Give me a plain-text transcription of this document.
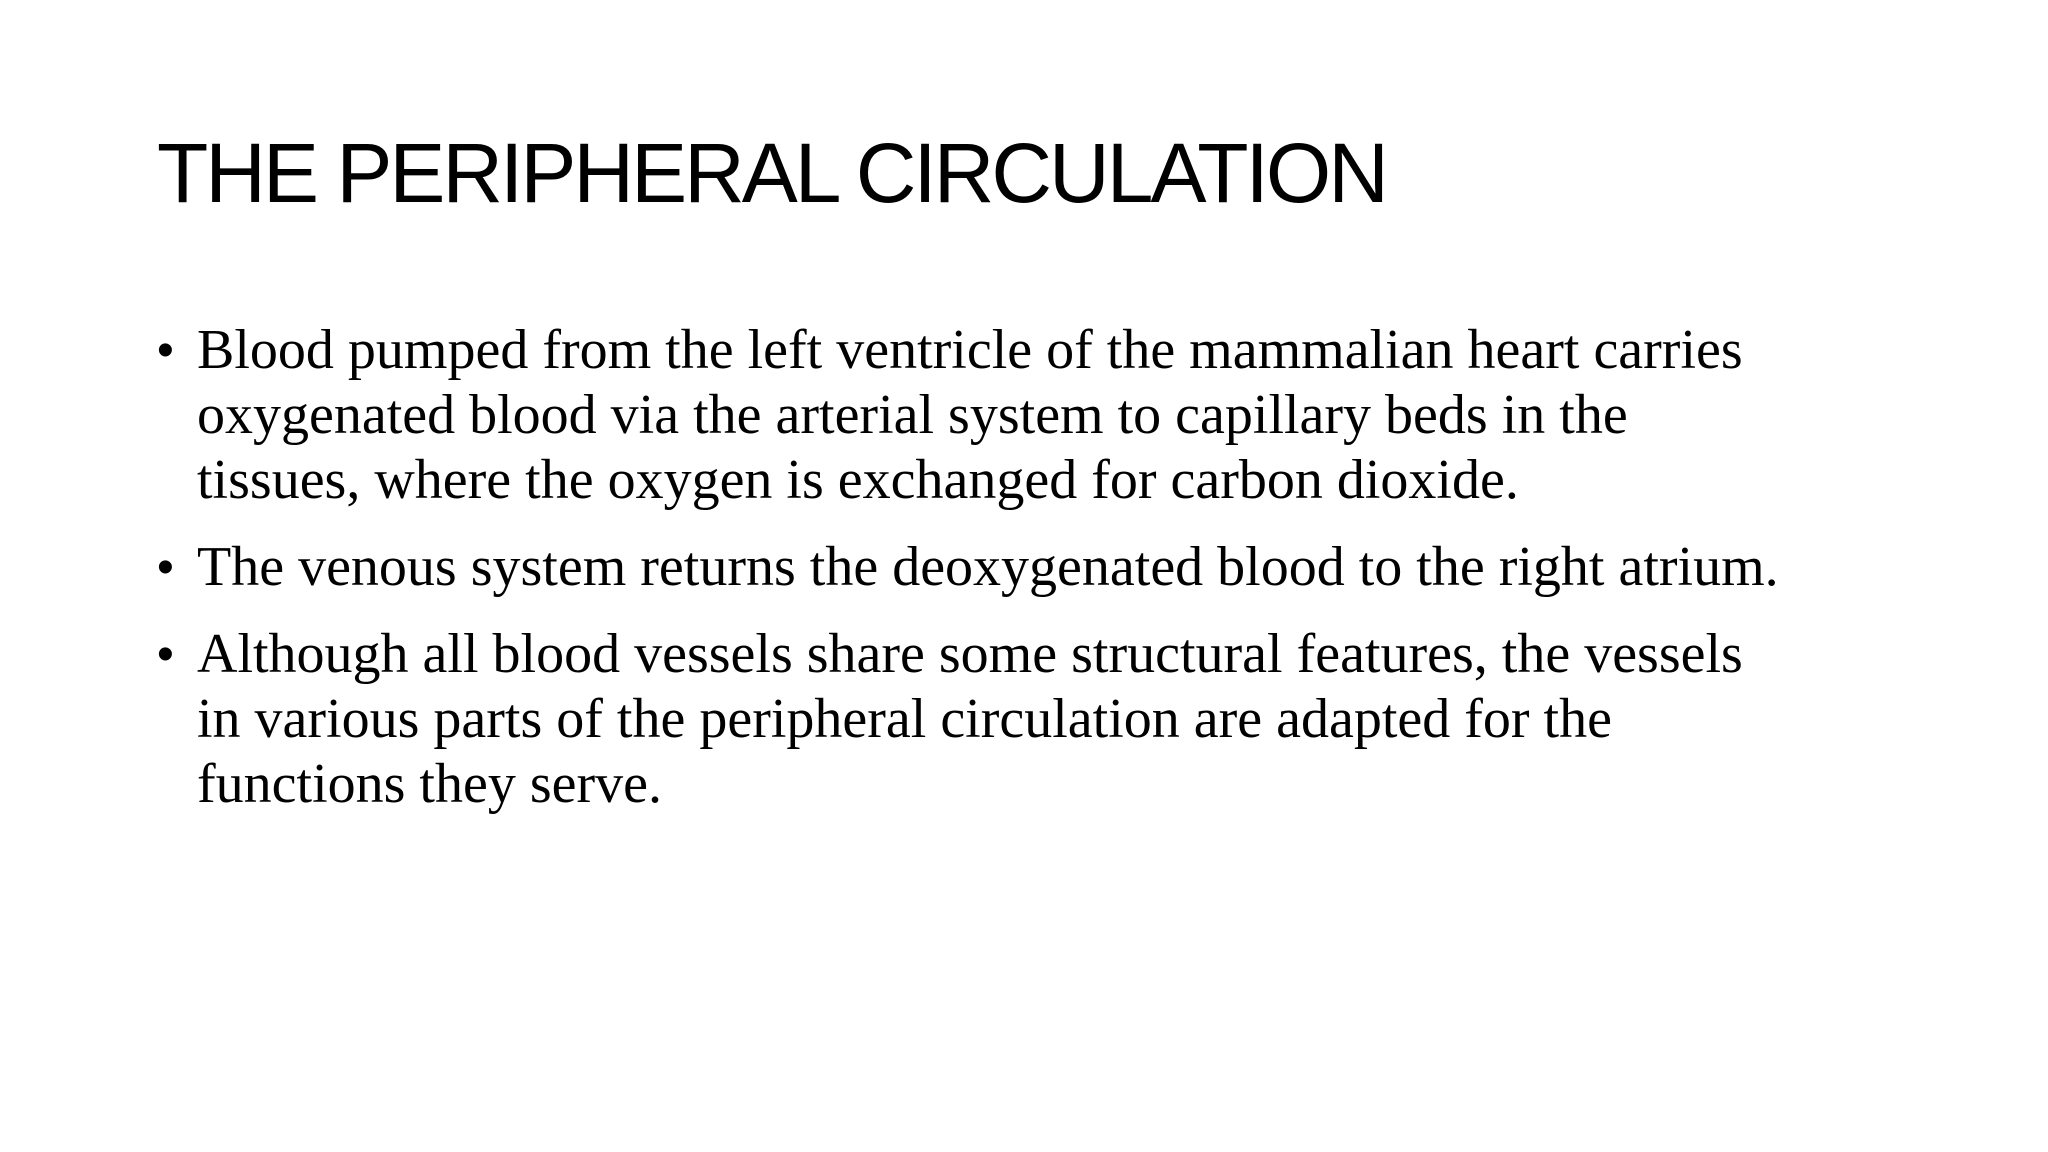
THE PERIPHERAL CIRCULATION
• Blood pumped from the left ventricle of the mammalian heart carries
oxygenated blood via the arterial system to capillary beds in the
tissues, where the oxygen is exchanged for carbon dioxide.
• The venous system returns the deoxygenated blood to the right atrium.
• Although all blood vessels share some structural features, the vessels
in various parts of the peripheral circulation are adapted for the
functions they serve.
